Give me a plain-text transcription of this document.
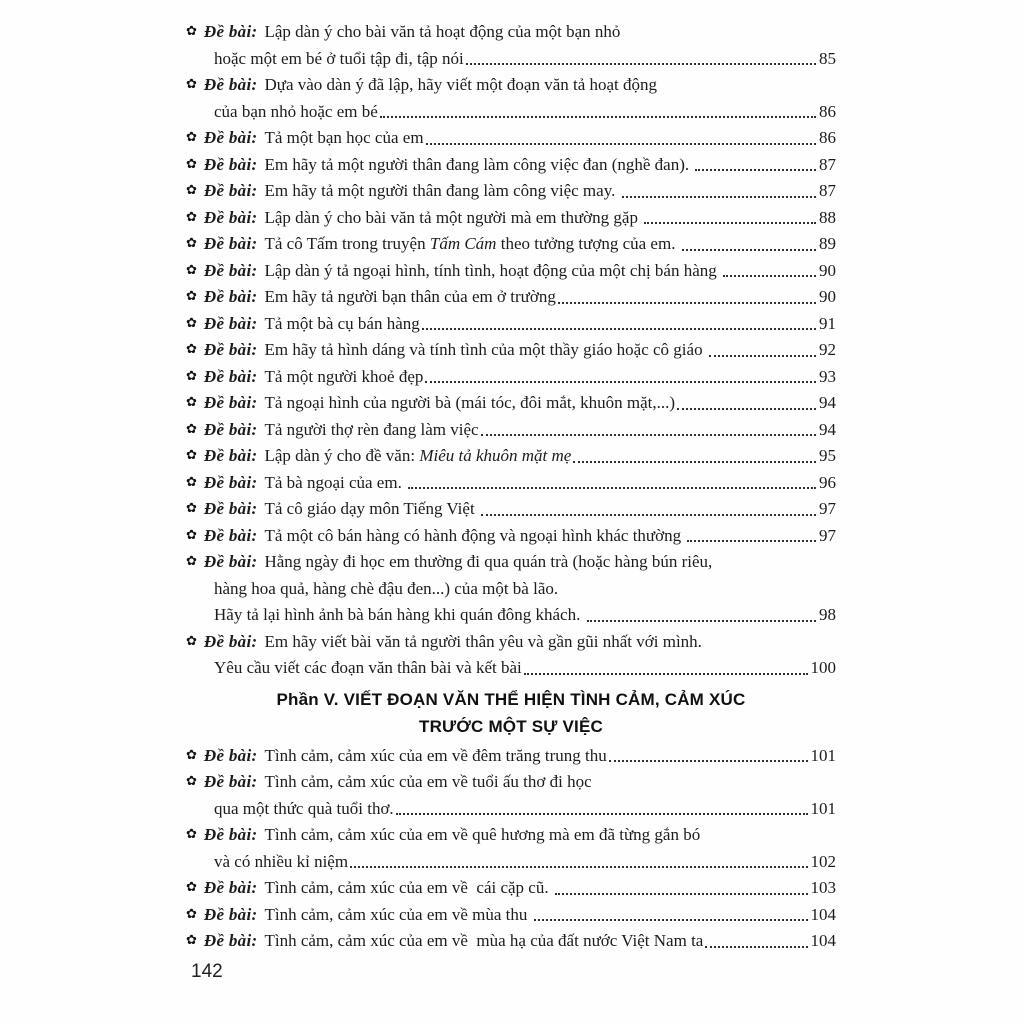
✿ Đề bài: Lập dàn ý cho bài văn tả hoạt động của một bạn nhỏ
hoặc một em bé ở tuổi tập đi, tập nói	85
✿ Đề bài: Dựa vào dàn ý đã lập, hãy viết một đoạn văn tả hoạt động
của bạn nhỏ hoặc em bé	86
✿ Đề bài: Tả một bạn học của em	86
✿ Đề bài: Em hãy tả một người thân đang làm công việc đan (nghề đan).	87
✿ Đề bài: Em hãy tả một người thân đang làm công việc may.	87
✿ Đề bài: Lập dàn ý cho bài văn tả một người mà em thường gặp	88
✿ Đề bài: Tả cô Tấm trong truyện Tấm Cám theo tưởng tượng của em.	89
✿ Đề bài: Lập dàn ý tả ngoại hình, tính tình, hoạt động của một chị bán hàng	90
✿ Đề bài: Em hãy tả người bạn thân của em ở trường	90
✿ Đề bài: Tả một bà cụ bán hàng	91
✿ Đề bài: Em hãy tả hình dáng và tính tình của một thầy giáo hoặc cô giáo	92
✿ Đề bài: Tả một người khoẻ đẹp	93
✿ Đề bài: Tả ngoại hình của người bà (mái tóc, đôi mắt, khuôn mặt,...)	94
✿ Đề bài: Tả người thợ rèn đang làm việc	94
✿ Đề bài: Lập dàn ý cho đề văn: Miêu tả khuôn mặt mẹ	95
✿ Đề bài: Tả bà ngoại của em.	96
✿ Đề bài: Tả cô giáo dạy môn Tiếng Việt	97
✿ Đề bài: Tả một cô bán hàng có hành động và ngoại hình khác thường	97
✿ Đề bài: Hằng ngày đi học em thường đi qua quán trà (hoặc hàng bún riêu,
hàng hoa quả, hàng chè đậu đen...) của một bà lão.
Hãy tả lại hình ảnh bà bán hàng khi quán đông khách.	98
✿ Đề bài: Em hãy viết bài văn tả người thân yêu và gần gũi nhất với mình.
Yêu cầu viết các đoạn văn thân bài và kết bài	100
Phần V. VIẾT ĐOẠN VĂN THỂ HIỆN TÌNH CẢM, CẢM XÚC
TRƯỚC MỘT SỰ VIỆC
✿ Đề bài: Tình cảm, cảm xúc của em về đêm trăng trung thu	101
✿ Đề bài: Tình cảm, cảm xúc của em về tuổi ấu thơ đi học
qua một thức quà tuổi thơ.	101
✿ Đề bài: Tình cảm, cảm xúc của em về quê hương mà em đã từng gắn bó
và có nhiều kỉ niệm	102
✿ Đề bài: Tình cảm, cảm xúc của em về  cái cặp cũ.	103
✿ Đề bài: Tình cảm, cảm xúc của em về mùa thu	104
✿ Đề bài: Tình cảm, cảm xúc của em về  mùa hạ của đất nước Việt Nam ta	104
142
